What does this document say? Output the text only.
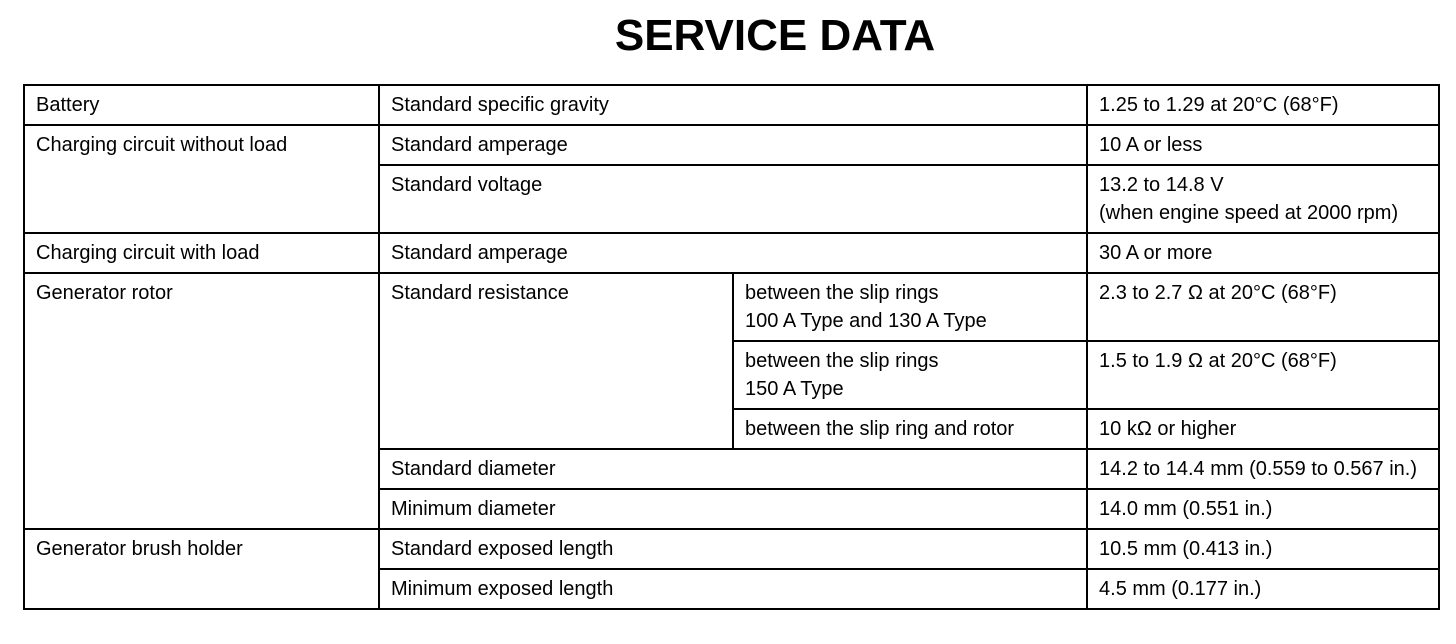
SERVICE DATA
Battery	Standard specific gravity		1.25 to 1.29 at 20°C (68°F)
Charging circuit without load	Standard amperage		10 A or less
	Standard voltage		13.2 to 14.8 V
(when engine speed at 2000 rpm)

Charging circuit with load	Standard amperage		30 A or more
Generator rotor	Standard resistance	between the slip rings
100 A Type and 130 A Type	2.3 to 2.7 Ω at 20°C (68°F)

		between the slip rings
150 A Type	1.5 to 1.9 Ω at 20°C (68°F)
		between the slip ring and rotor	10 kΩ or higher
	Standard diameter		14.2 to 14.4 mm (0.559 to 0.567 in.)
	Minimum diameter		14.0 mm (0.551 in.)
Generator brush holder	Standard exposed length		10.5 mm (0.413 in.)
	Minimum exposed length		4.5 mm (0.177 in.)
